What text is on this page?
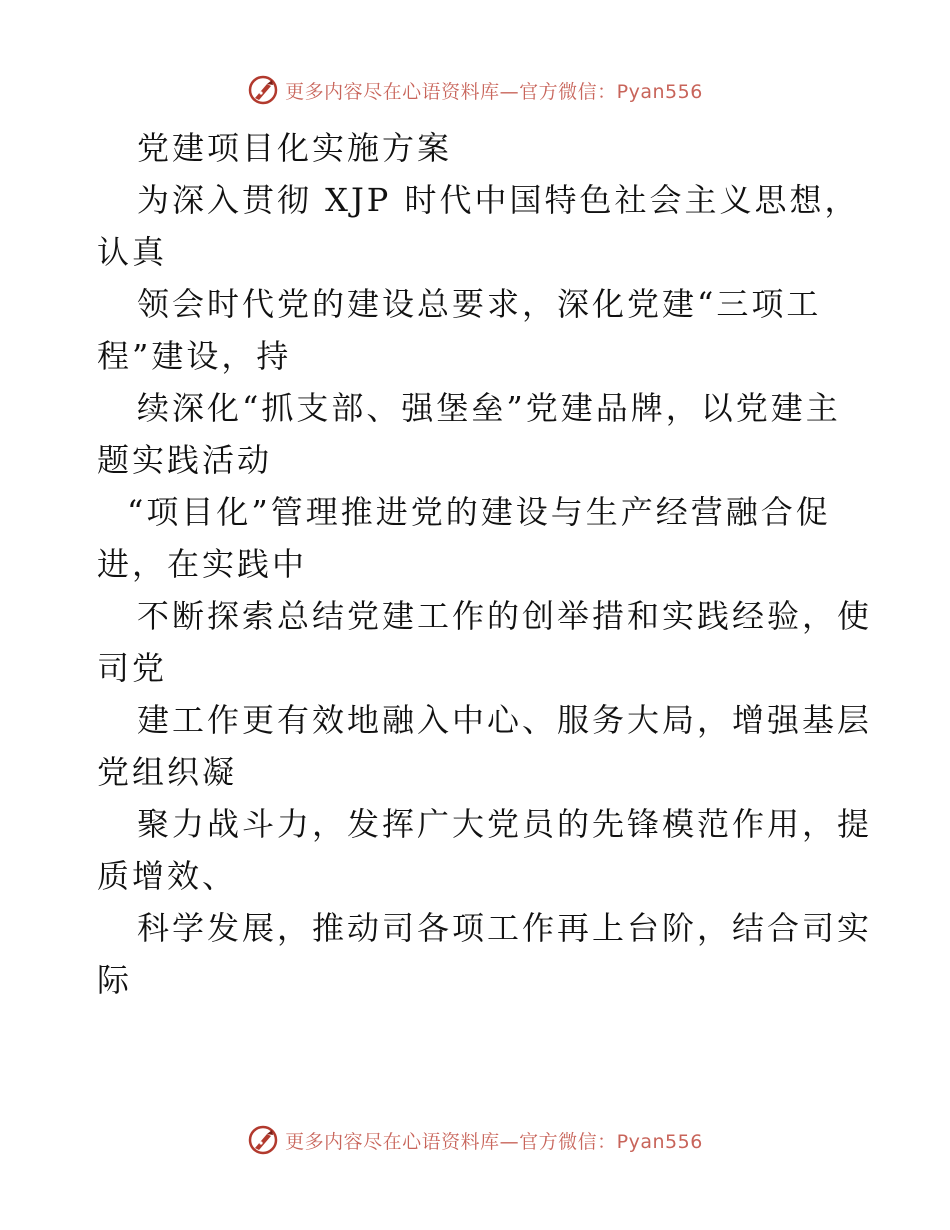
更多内容尽在心语资料库—官方微信：Pyan556
党建项目化实施方案
为深入贯彻 XJP 时代中国特色社会主义思想，
认真
领会时代党的建设总要求，深化党建“三项工
程”建设，持
续深化“抓支部、强堡垒”党建品牌，以党建主
题实践活动
“项目化”管理推进党的建设与生产经营融合促
进，在实践中
不断探索总结党建工作的创举措和实践经验，使
司党
建工作更有效地融入中心、服务大局，增强基层
党组织凝
聚力战斗力，发挥广大党员的先锋模范作用，提
质增效、
科学发展，推动司各项工作再上台阶，结合司实
际
更多内容尽在心语资料库—官方微信：Pyan556
